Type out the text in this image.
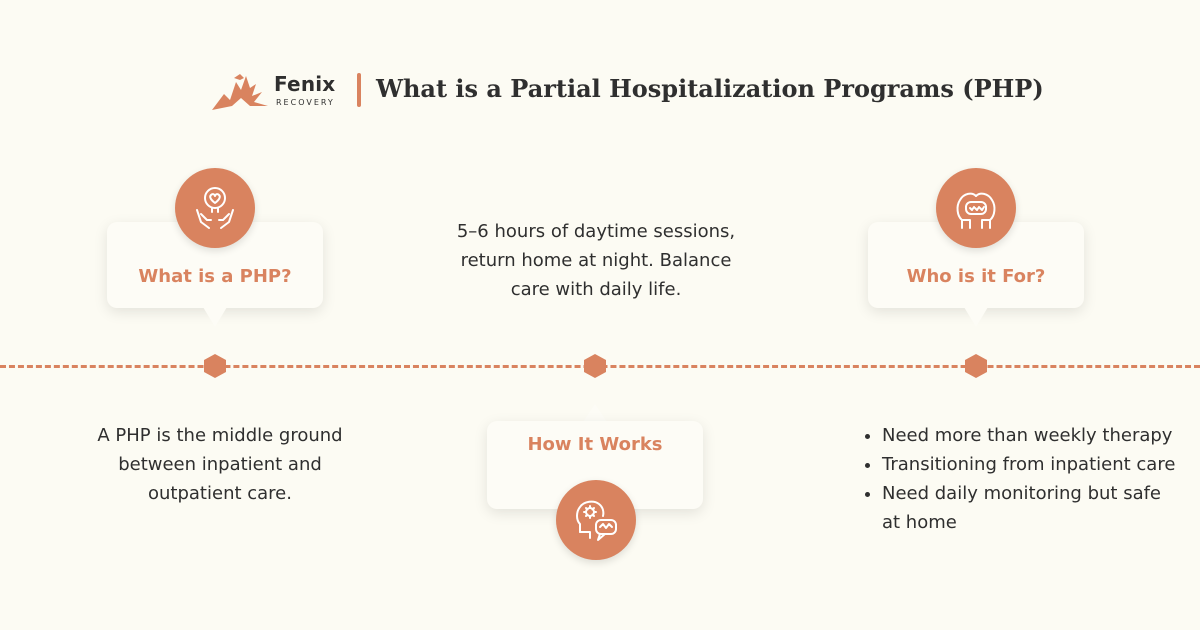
Fenix
RECOVERY What is a Partial Hospitalization Programs (PHP)
What is a PHP?
A PHP is the middle ground between inpatient and outpatient care.
5–6 hours of daytime sessions, return home at night. Balance care with daily life.
How It Works
Who is it For?
• Need more than weekly therapy
• Transitioning from inpatient care
• Need daily monitoring but safe at home
